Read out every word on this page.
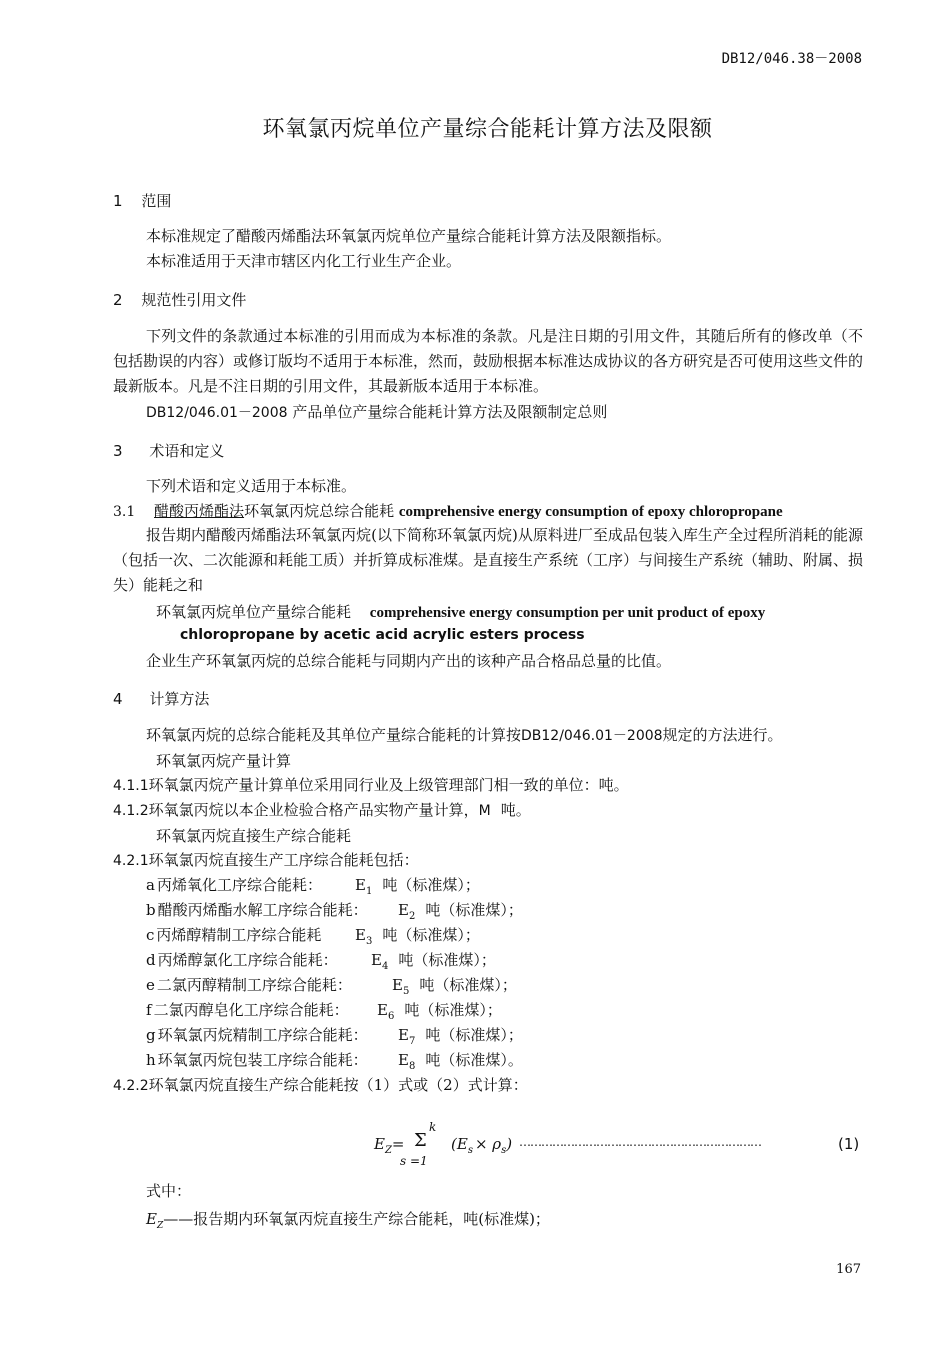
DB12/046.38－2008
环氧氯丙烷单位产量综合能耗计算方法及限额
1 范围
本标准规定了醋酸丙烯酯法环氧氯丙烷单位产量综合能耗计算方法及限额指标。
本标准适用于天津市辖区内化工行业生产企业。
2 规范性引用文件
下列文件的条款通过本标准的引用而成为本标准的条款。凡是注日期的引用文件，其随后所有的修改单（不包括勘误的内容）或修订版均不适用于本标准，然而，鼓励根据本标准达成协议的各方研究是否可使用这些文件的最新版本。凡是不注日期的引用文件，其最新版本适用于本标准。
DB12/046.01－2008 产品单位产量综合能耗计算方法及限额制定总则
3 术语和定义
下列术语和定义适用于本标准。
3.1 醋酸丙烯酯法环氧氯丙烷总综合能耗 comprehensive energy consumption of epoxy chloropropane
报告期内醋酸丙烯酯法环氧氯丙烷(以下简称环氧氯丙烷)从原料进厂至成品包装入库生产全过程所消耗的能源（包括一次、二次能源和耗能工质）并折算成标准煤。是直接生产系统（工序）与间接生产系统（辅助、附属、损失）能耗之和
环氧氯丙烷单位产量综合能耗 comprehensive energy consumption per unit product of epoxy
chloropropane by acetic acid acrylic esters process
企业生产环氧氯丙烷的总综合能耗与同期内产出的该种产品合格品总量的比值。
4 计算方法
环氧氯丙烷的总综合能耗及其单位产量综合能耗的计算按DB12/046.01－2008规定的方法进行。
环氧氯丙烷产量计算
4.1.1环氧氯丙烷产量计算单位采用同行业及上级管理部门相一致的单位：吨。
4.1.2环氧氯丙烷以本企业检验合格产品实物产量计算，M 吨。
环氧氯丙烷直接生产综合能耗
4.2.1环氧氯丙烷直接生产工序综合能耗包括：
a 丙烯氧化工序综合能耗： $E_1$ 吨（标准煤）；
b 醋酸丙烯酯水解工序综合能耗： $E_2$ 吨（标准煤）；
c 丙烯醇精制工序综合能耗 $E_3$ 吨（标准煤）；
d 丙烯醇氯化工序综合能耗： $E_4$ 吨（标准煤）；
e 二氯丙醇精制工序综合能耗：	$E_5$ 吨（标准煤）；
f 二氯丙醇皂化工序综合能耗： $E_6$ 吨（标准煤）；
g 环氧氯丙烷精制工序综合能耗： $E_7$ 吨（标准煤）；
h 环氧氯丙烷包装工序综合能耗： $E_8$ 吨（标准煤）。
4.2.2环氧氯丙烷直接生产综合能耗按（1）式或（2）式计算：
$E_Z= \Sigma$
k
s =1
$(E_s \times \rho_s)$ …………………………………………………………	(1)
式中：
$E_Z——$报告期内环氧氯丙烷直接生产综合能耗，吨(标准煤)；
167
